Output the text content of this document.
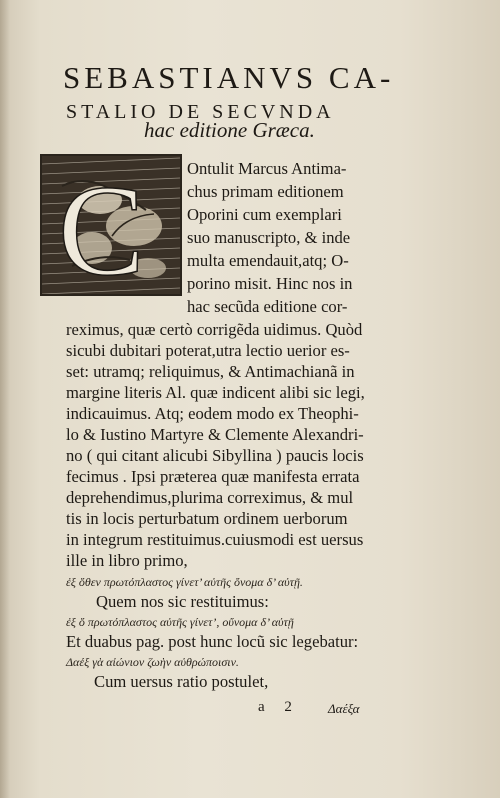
SEBASTIANVS CA-
STALIO DE SECVNDA
hac editione Græca.
C	Ontulit Marcus Antima-
chus primam editionem
Oporini cum exemplari
suo manuscripto, & inde
multa emendauit,atq; O-
porino misit. Hinc nos in
hac secũda editione cor-
reximus, quæ certò corrigẽda uidimus. Quòd
sicubi dubitari poterat,utra lectio uerior es-
set: utramq; reliquimus, & Antimachianã in
margine literis Al. quæ indicent alibi sic legi,
indicauimus. Atq; eodem modo ex Theophi-
lo & Iustino Martyre & Clemente Alexandri-
no ( qui citant alicubi Sibyllina ) paucis locis
fecimus . Ipsi præterea quæ manifesta errata
deprehendimus,plurima correximus, & mul
tis in locis perturbatum ordinem uerborum
in integrum restituimus.cuiusmodi est uersus
ille in libro primo,
ἐξ ὅθεν πρωτόπλαστος γίνετ’ αὐτῆς ὄνομα δ’ αὐτῇ.
Quem nos sic restituimus:
ἐξ ὅ πρωτόπλαστος αὐτῆς γίνετ’, οὔνομα δ’ αὐτῇ
Et duabus pag. post hunc locũ sic legebatur:
Δαέξ γὰ αἰώνιον ζωὴν αὐθρώποισιν.
Cum uersus ratio postulet,
a 2 Δαέξα
